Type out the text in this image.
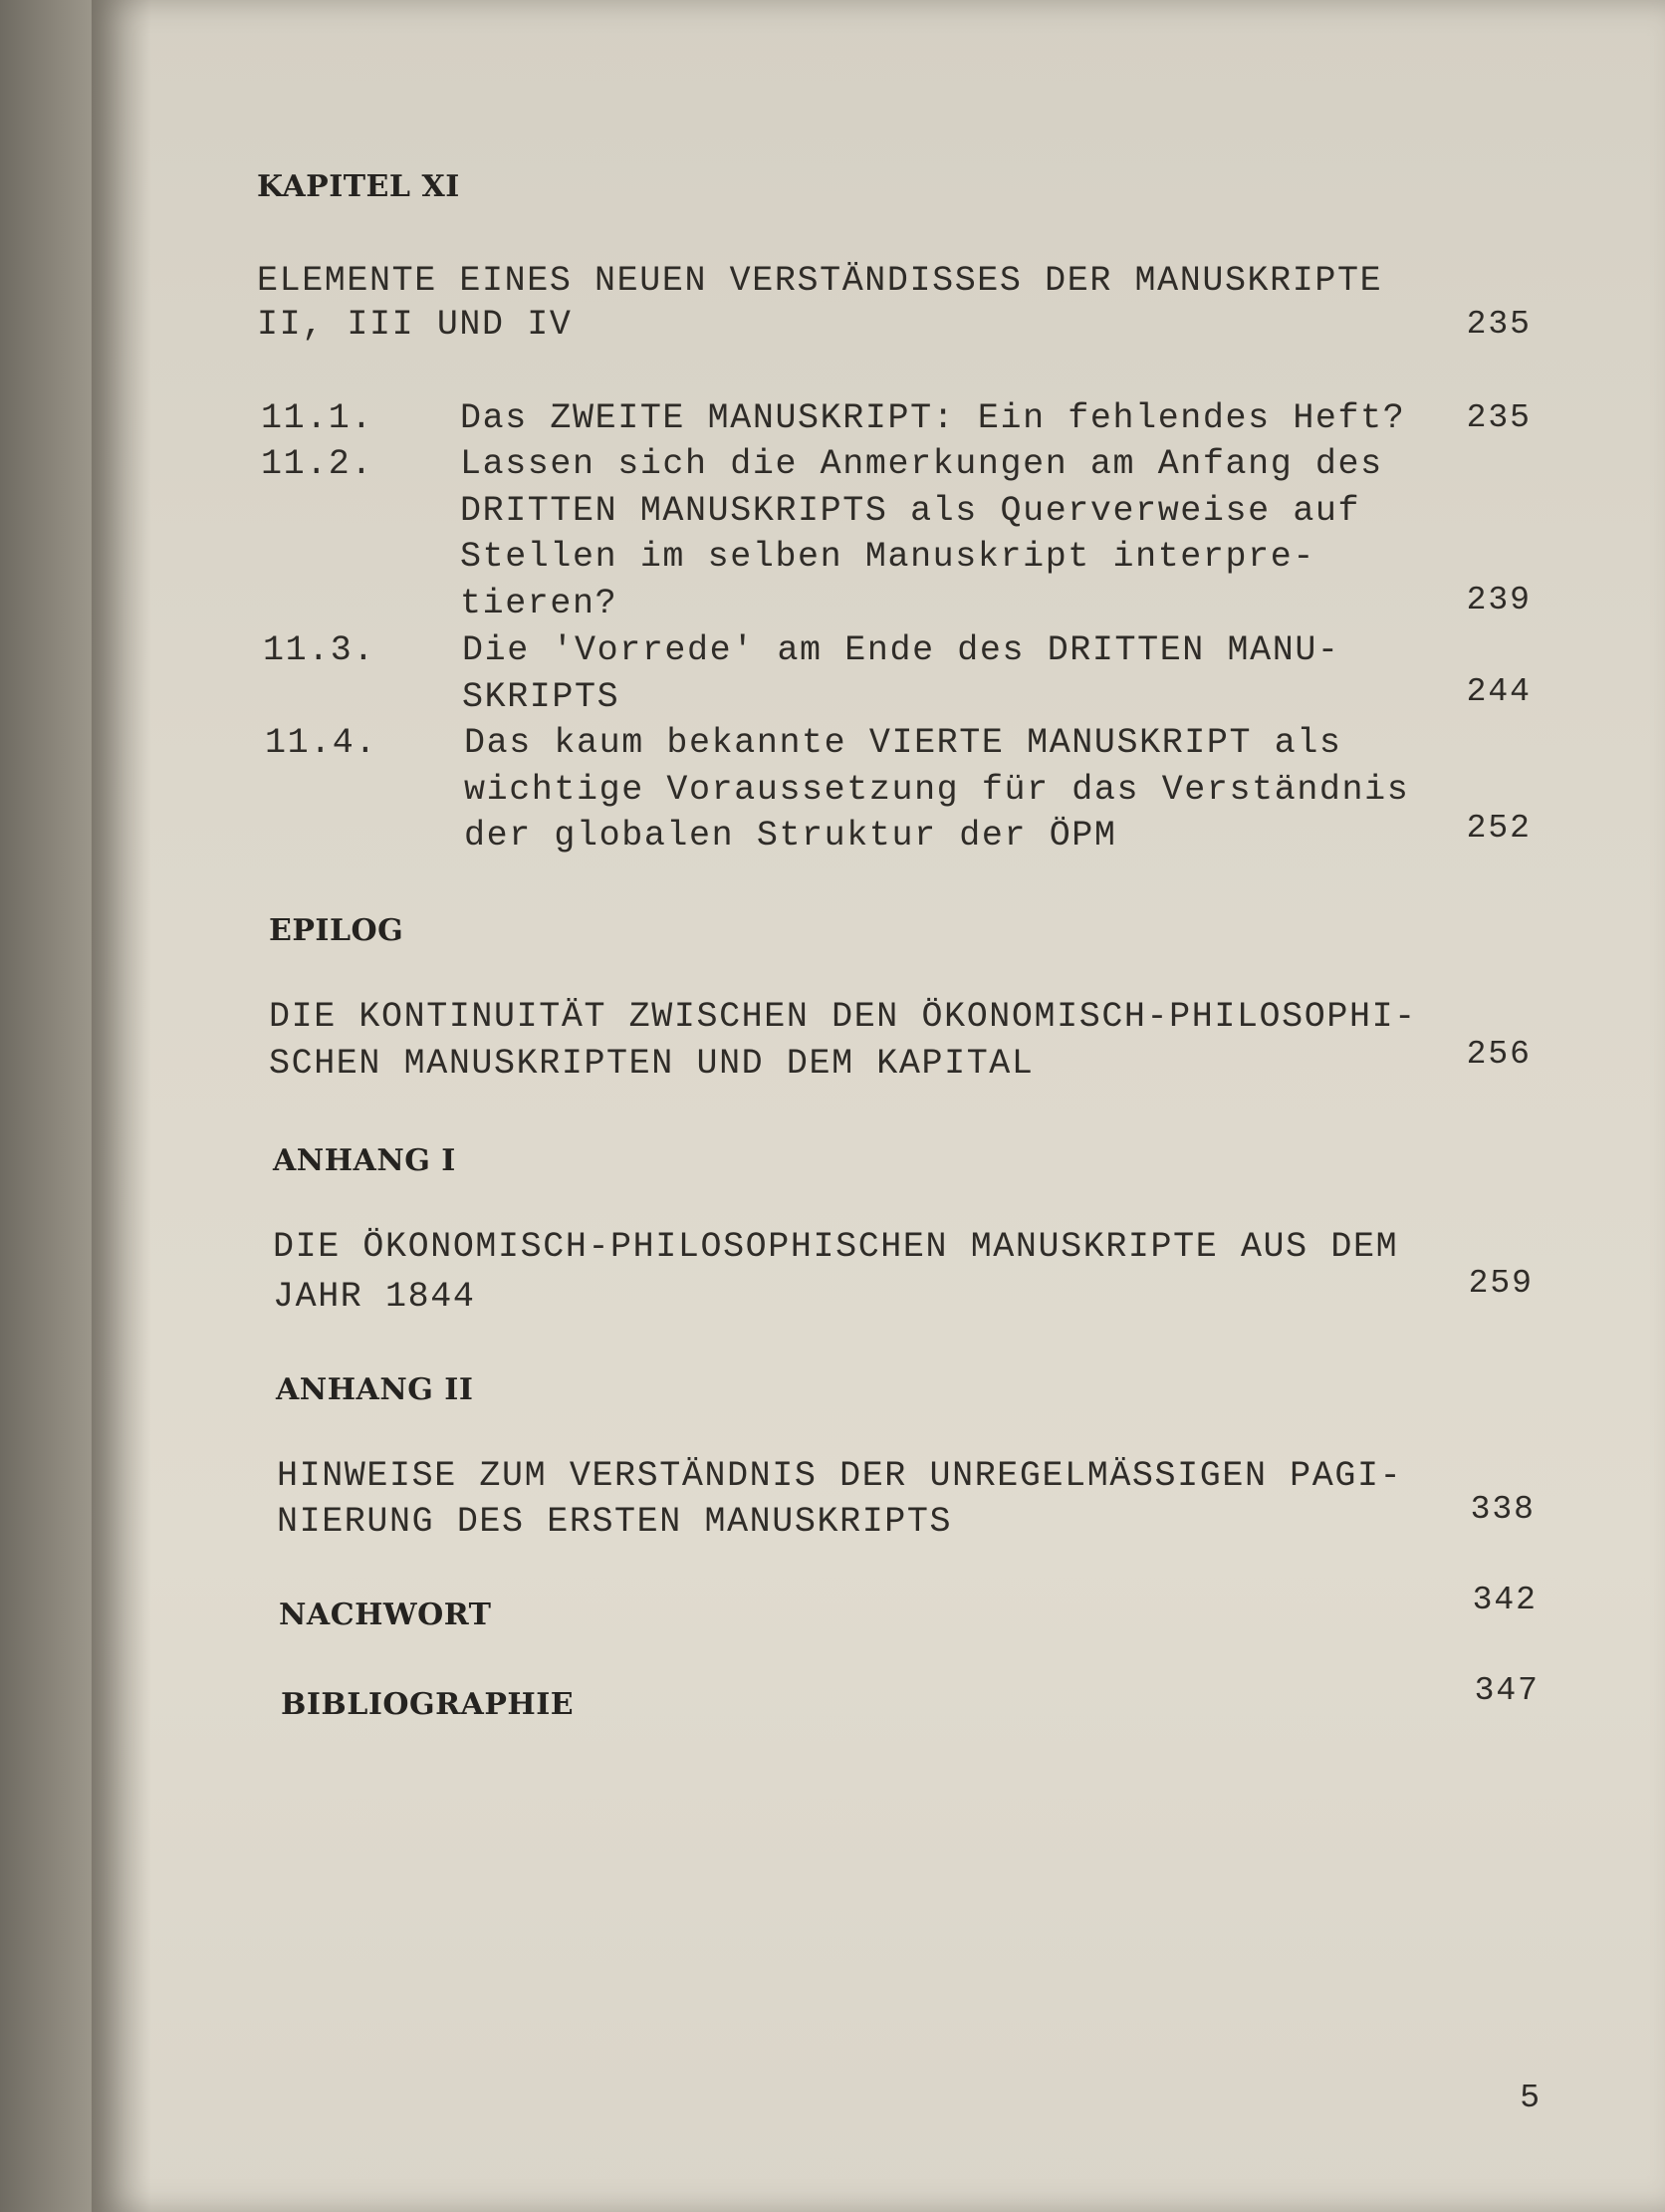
KAPITEL XI
ELEMENTE EINES NEUEN VERSTÄNDISSES DER MANUSKRIPTE
II, III UND IV	235
11.1. Das ZWEITE MANUSKRIPT: Ein fehlendes Heft?	235
11.2. Lassen sich die Anmerkungen am Anfang des
DRITTEN MANUSKRIPTS als Querverweise auf
Stellen im selben Manuskript interpre-
tieren?	239
11.3. Die 'Vorrede' am Ende des DRITTEN MANU-
SKRIPTS	244
11.4. Das kaum bekannte VIERTE MANUSKRIPT als
wichtige Voraussetzung für das Verständnis
der globalen Struktur der ÖPM	252
EPILOG
DIE KONTINUITÄT ZWISCHEN DEN ÖKONOMISCH-PHILOSOPHI-
SCHEN MANUSKRIPTEN UND DEM KAPITAL	256
ANHANG I
DIE ÖKONOMISCH-PHILOSOPHISCHEN MANUSKRIPTE AUS DEM
JAHR 1844	259
ANHANG II
HINWEISE ZUM VERSTÄNDNIS DER UNREGELMÄSSIGEN PAGI-
NIERUNG DES ERSTEN MANUSKRIPTS	338
NACHWORT	342
BIBLIOGRAPHIE	347
5
